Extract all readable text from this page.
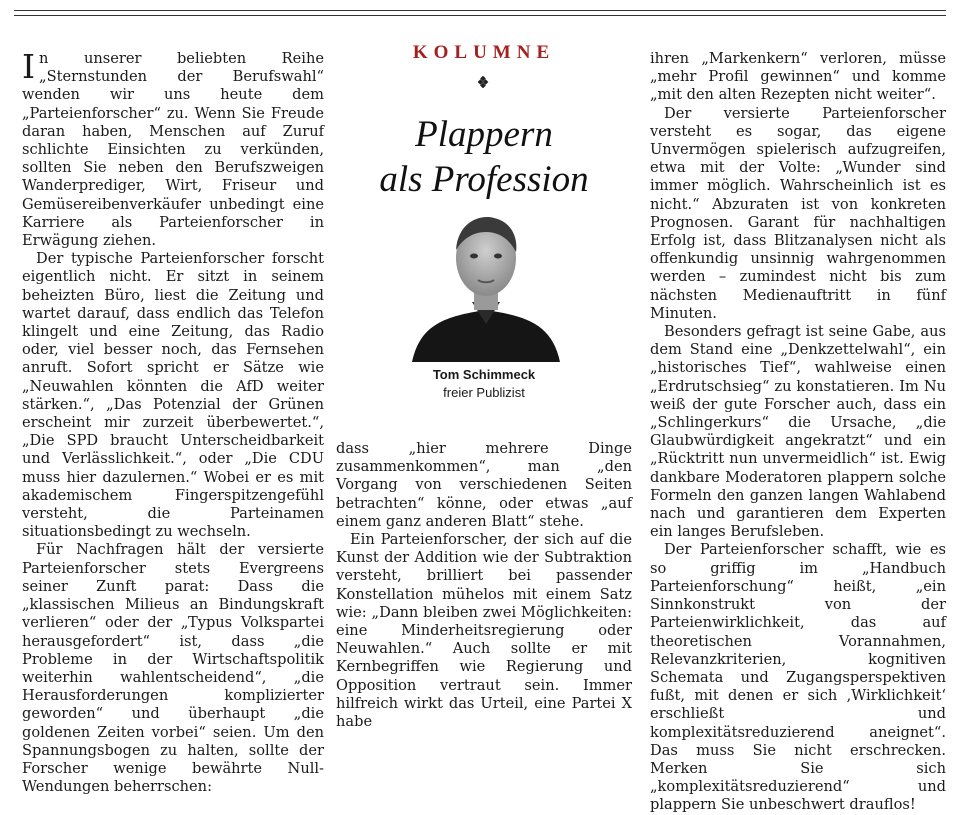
In unserer beliebten Reihe „Sternstunden der Berufswahl“ wenden wir uns heute dem „Parteienforscher“ zu. Wenn Sie Freude daran haben, Menschen auf Zuruf schlichte Einsichten zu verkünden, sollten Sie neben den Berufszweigen Wanderprediger, Wirt, Friseur und Gemüsereibenverkäufer unbedingt eine Karriere als Parteienforscher in Erwägung ziehen.

Der typische Parteienforscher forscht eigentlich nicht. Er sitzt in seinem beheizten Büro, liest die Zeitung und wartet darauf, dass endlich das Telefon klingelt und eine Zeitung, das Radio oder, viel besser noch, das Fernsehen anruft. Sofort spricht er Sätze wie „Neuwahlen könnten die AfD weiter stärken.“, „Das Potenzial der Grünen erscheint mir zurzeit überbewertet.“, „Die SPD braucht Unterscheidbarkeit und Verlässlichkeit.“, oder „Die CDU muss hier dazulernen.“ Wobei er es mit akademischem Fingerspitzengefühl versteht, die Parteinamen situationsbedingt zu wechseln.

Für Nachfragen hält der versierte Parteienforscher stets Evergreens seiner Zunft parat: Dass die „klassischen Milieus an Bindungskraft verlieren“ oder der „Typus Volkspartei herausgefordert“ ist, dass „die Probleme in der Wirtschaftspolitik weiterhin wahlentscheidend“, „die Herausforderungen komplizierter geworden“ und überhaupt „die goldenen Zeiten vorbei“ seien. Um den Spannungsbogen zu halten, sollte der Forscher wenige bewährte Null-Wendungen beherrschen:

KOLUMNE
Plappern
als Profession
Tom Schimmeck
freier Publizist

dass „hier mehrere Dinge zusammenkommen“, man „den Vorgang von verschiedenen Seiten betrachten“ könne, oder etwas „auf einem ganz anderen Blatt“ stehe.

Ein Parteienforscher, der sich auf die Kunst der Addition wie der Subtraktion versteht, brilliert bei passender Konstellation mühelos mit einem Satz wie: „Dann bleiben zwei Möglichkeiten: eine Minderheitsregierung oder Neuwahlen.“ Auch sollte er mit Kernbegriffen wie Regierung und Opposition vertraut sein. Immer hilfreich wirkt das Urteil, eine Partei X habe

ihren „Markenkern“ verloren, müsse „mehr Profil gewinnen“ und komme „mit den alten Rezepten nicht weiter“.

Der versierte Parteienforscher versteht es sogar, das eigene Unvermögen spielerisch aufzugreifen, etwa mit der Volte: „Wunder sind immer möglich. Wahrscheinlich ist es nicht.“ Abzuraten ist von konkreten Prognosen. Garant für nachhaltigen Erfolg ist, dass Blitzanalysen nicht als offenkundig unsinnig wahrgenommen werden – zumindest nicht bis zum nächsten Medienauftritt in fünf Minuten.

Besonders gefragt ist seine Gabe, aus dem Stand eine „Denkzettelwahl“, ein „historisches Tief“, wahlweise einen „Erdrutschsieg“ zu konstatieren. Im Nu weiß der gute Forscher auch, dass ein „Schlingerkurs“ die Ursache, „die Glaubwürdigkeit angekratzt“ und ein „Rücktritt nun unvermeidlich“ ist. Ewig dankbare Moderatoren plappern solche Formeln den ganzen langen Wahlabend nach und garantieren dem Experten ein langes Berufsleben.

Der Parteienforscher schafft, wie es so griffig im „Handbuch Parteienforschung“ heißt, „ein Sinnkonstrukt von der Parteienwirklichkeit, das auf theoretischen Vorannahmen, Relevanzkriterien, kognitiven Schemata und Zugangsperspektiven fußt, mit denen er sich ‚Wirklichkeit‘ erschließt und komplexitätsreduzierend aneignet“. Das muss Sie nicht erschrecken. Merken Sie sich „komplexitätsreduzierend“ und plappern Sie unbeschwert drauflos!
